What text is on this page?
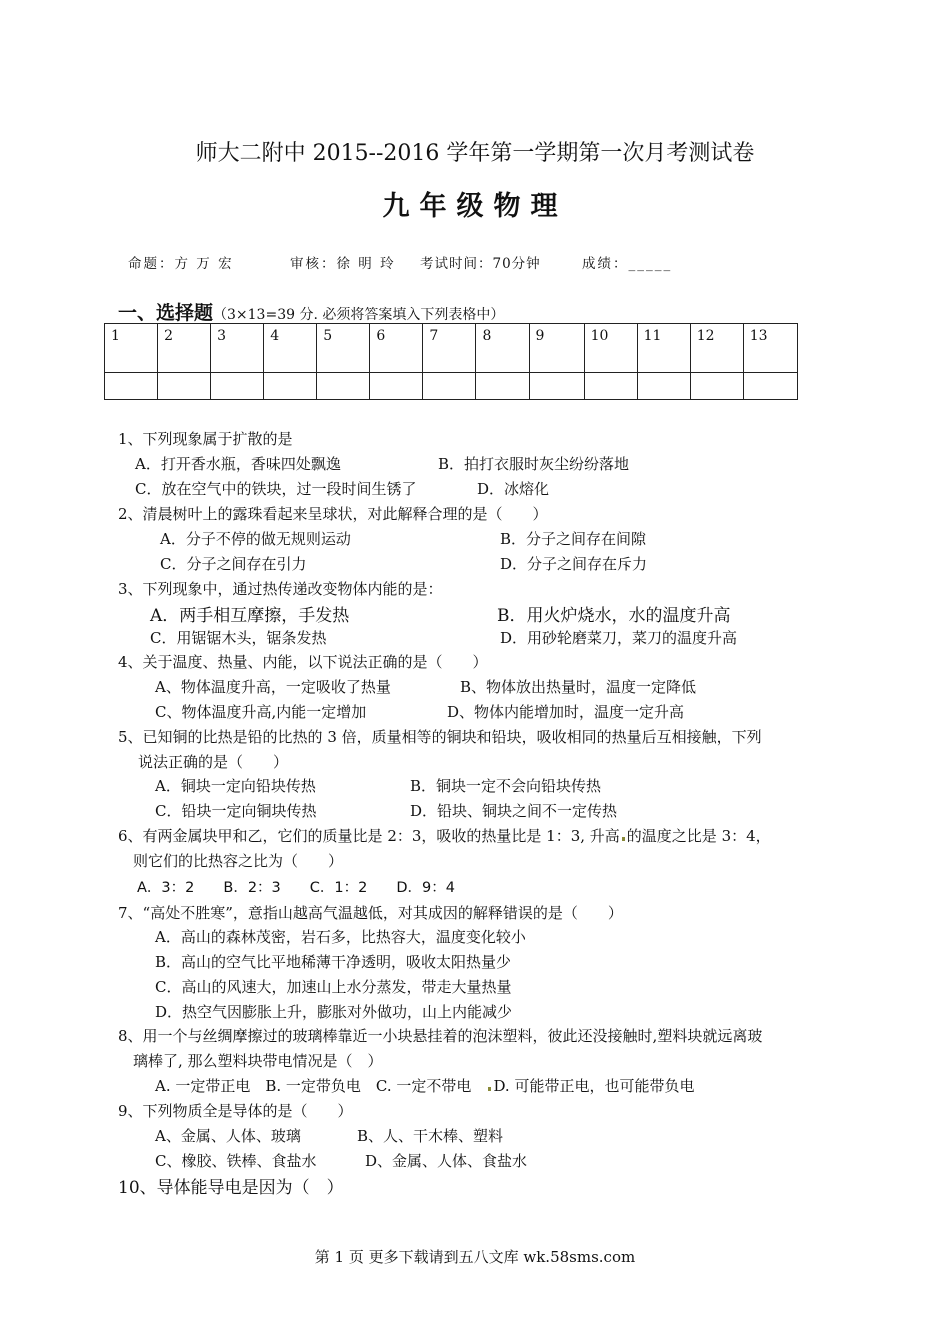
师大二附中 2015--2016 学年第一学期第一次月考测试卷
九年级物理
命题：方 万 宏	审核：徐 明 玲 考试时间：70分钟	成绩：_____
一、选择题（3×13=39 分. 必须将答案填入下列表格中）
1	2	3	4	5	6	7	8	9	10	11	12	13

1、下列现象属于扩散的是
A．打开香水瓶，香味四处飘逸	B．拍打衣服时灰尘纷纷落地
C．放在空气中的铁块，过一段时间生锈了	D．冰熔化
2、清晨树叶上的露珠看起来呈球状，对此解释合理的是（　　）
A．分子不停的做无规则运动	B．分子之间存在间隙
C．分子之间存在引力	D．分子之间存在斥力
3、下列现象中，通过热传递改变物体内能的是：
A．两手相互摩擦，手发热	B．用火炉烧水，水的温度升高
C．用锯锯木头，锯条发热	D．用砂轮磨菜刀，菜刀的温度升高
4、关于温度、热量、内能，以下说法正确的是（　　）
A、物体温度升高，一定吸收了热量	B、物体放出热量时，温度一定降低
C、物体温度升高,内能一定增加	D、物体内能增加时，温度一定升高
5、已知铜的比热是铅的比热的 3 倍，质量相等的铜块和铅块，吸收相同的热量后互相接触，下列
说法正确的是（　　）
A．铜块一定向铅块传热	B．铜块一定不会向铅块传热
C．铅块一定向铜块传热	D．铅块、铜块之间不一定传热
6、有两金属块甲和乙，它们的质量比是 2：3，吸收的热量比是 1：3, 升高 的温度之比是 3：4，
则它们的比热容之比为（　　）
A．3：2　　B．2：3　　C．1：2　　D．9：4
7、“高处不胜寒”，意指山越高气温越低，对其成因的解释错误的是（　　）
A．高山的森林茂密，岩石多，比热容大，温度变化较小
B．高山的空气比平地稀薄干净透明，吸收太阳热量少
C．高山的风速大，加速山上水分蒸发，带走大量热量
D．热空气因膨胀上升，膨胀对外做功，山上内能减少
8、用一个与丝绸摩擦过的玻璃棒靠近一小块悬挂着的泡沫塑料，彼此还没接触时,塑料块就远离玻
璃棒了, 那么塑料块带电情况是（　）
A. 一定带正电　B. 一定带负电　C. 一定不带电　 D. 可能带正电，也可能带负电
9、下列物质全是导体的是（　　）
A、金属、人体、玻璃	B、人、干木棒、塑料
C、橡胶、铁棒、食盐水	D、金属、人体、食盐水
10、导体能导电是因为（　）
第 1 页 更多下载请到五八文库 wk.58sms.com
